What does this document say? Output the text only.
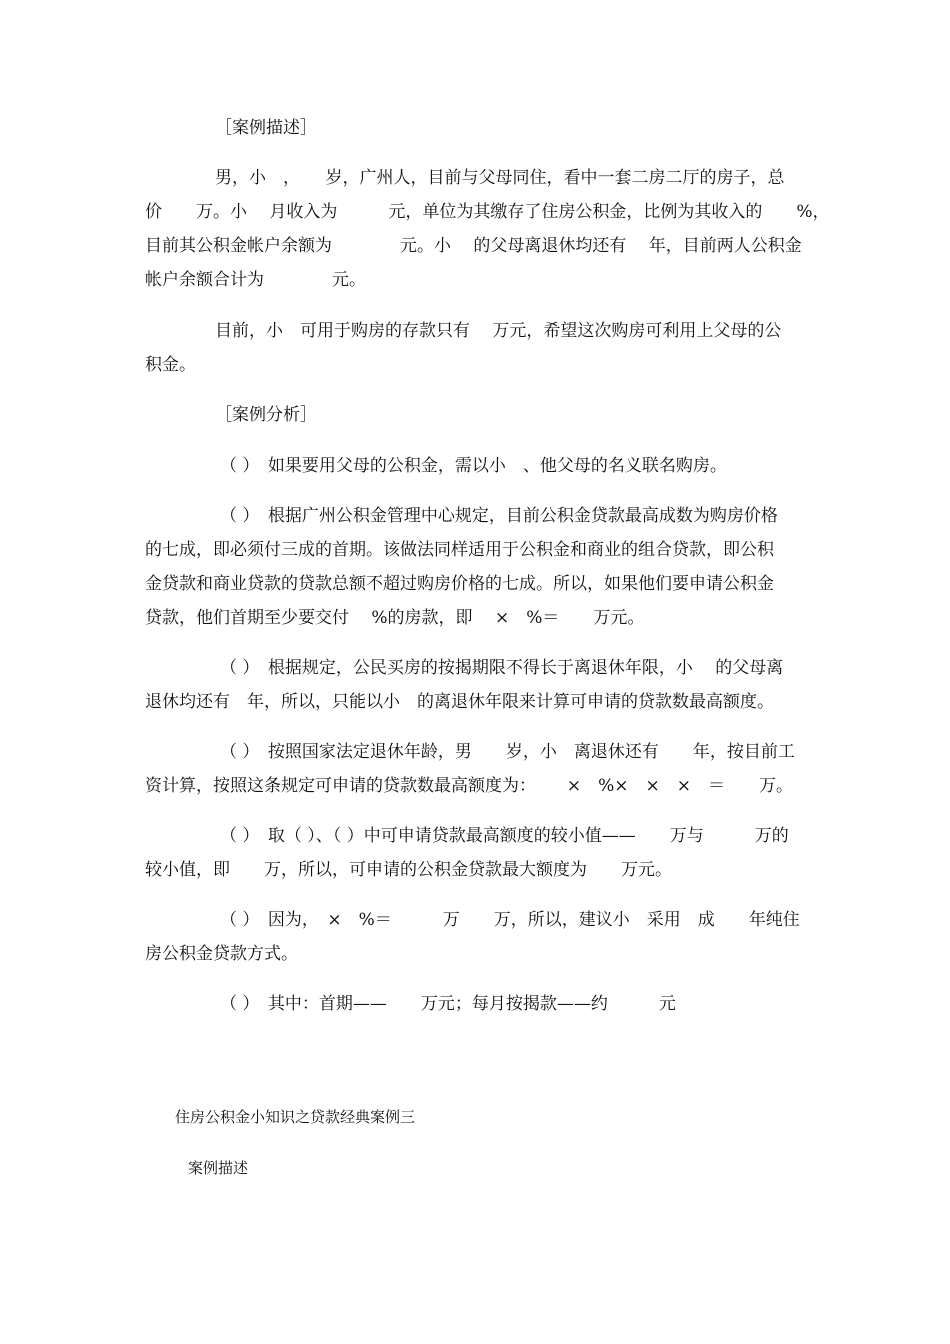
［案例描述］

男，小　，　　岁，广州人，目前与父母同住，看中一套二房二厅的房子，总

价　　万。小　 月收入为　　　元，单位为其缴存了住房公积金，比例为其收入的　　%，

目前其公积金帐户余额为　　　　元。小　 的父母离退休均还有　 年，目前两人公积金

帐户余额合计为　　　　元。

目前，小　可用于购房的存款只有　 万元，希望这次购房可利用上父母的公

积金。

［案例分析］

（ ）　如果要用父母的公积金，需以小　、他父母的名义联名购房。

（ ）　根据广州公积金管理中心规定，目前公积金贷款最高成数为购房价格

的七成，即必须付三成的首期。该做法同样适用于公积金和商业的组合贷款，即公积

金贷款和商业贷款的贷款总额不超过购房价格的七成。所以，如果他们要申请公积金

贷款，他们首期至少要交付　 %的房款，即　 ×　%＝　　万元。

（ ）　根据规定，公民买房的按揭期限不得长于离退休年限，小　 的父母离

退休均还有　年，所以，只能以小　的离退休年限来计算可申请的贷款数最高额度。

（ ）　按照国家法定退休年龄，男　　岁，小　离退休还有　　年，按目前工

资计算，按照这条规定可申请的贷款数最高额度为：　　 ×　%×　×　×　＝　　万。

（ ）　取（ ）、（ ）中可申请贷款最高额度的较小值——　　万与　　　万的

较小值，即　　万，所以，可申请的公积金贷款最大额度为　　万元。

（ ）　因为，　×　%＝　　　万　　万，所以，建议小　采用　成　　年纯住

房公积金贷款方式。

（ ）　其中：首期——　　万元；每月按揭款——约　　　元

住房公积金小知识之贷款经典案例三

案例描述
